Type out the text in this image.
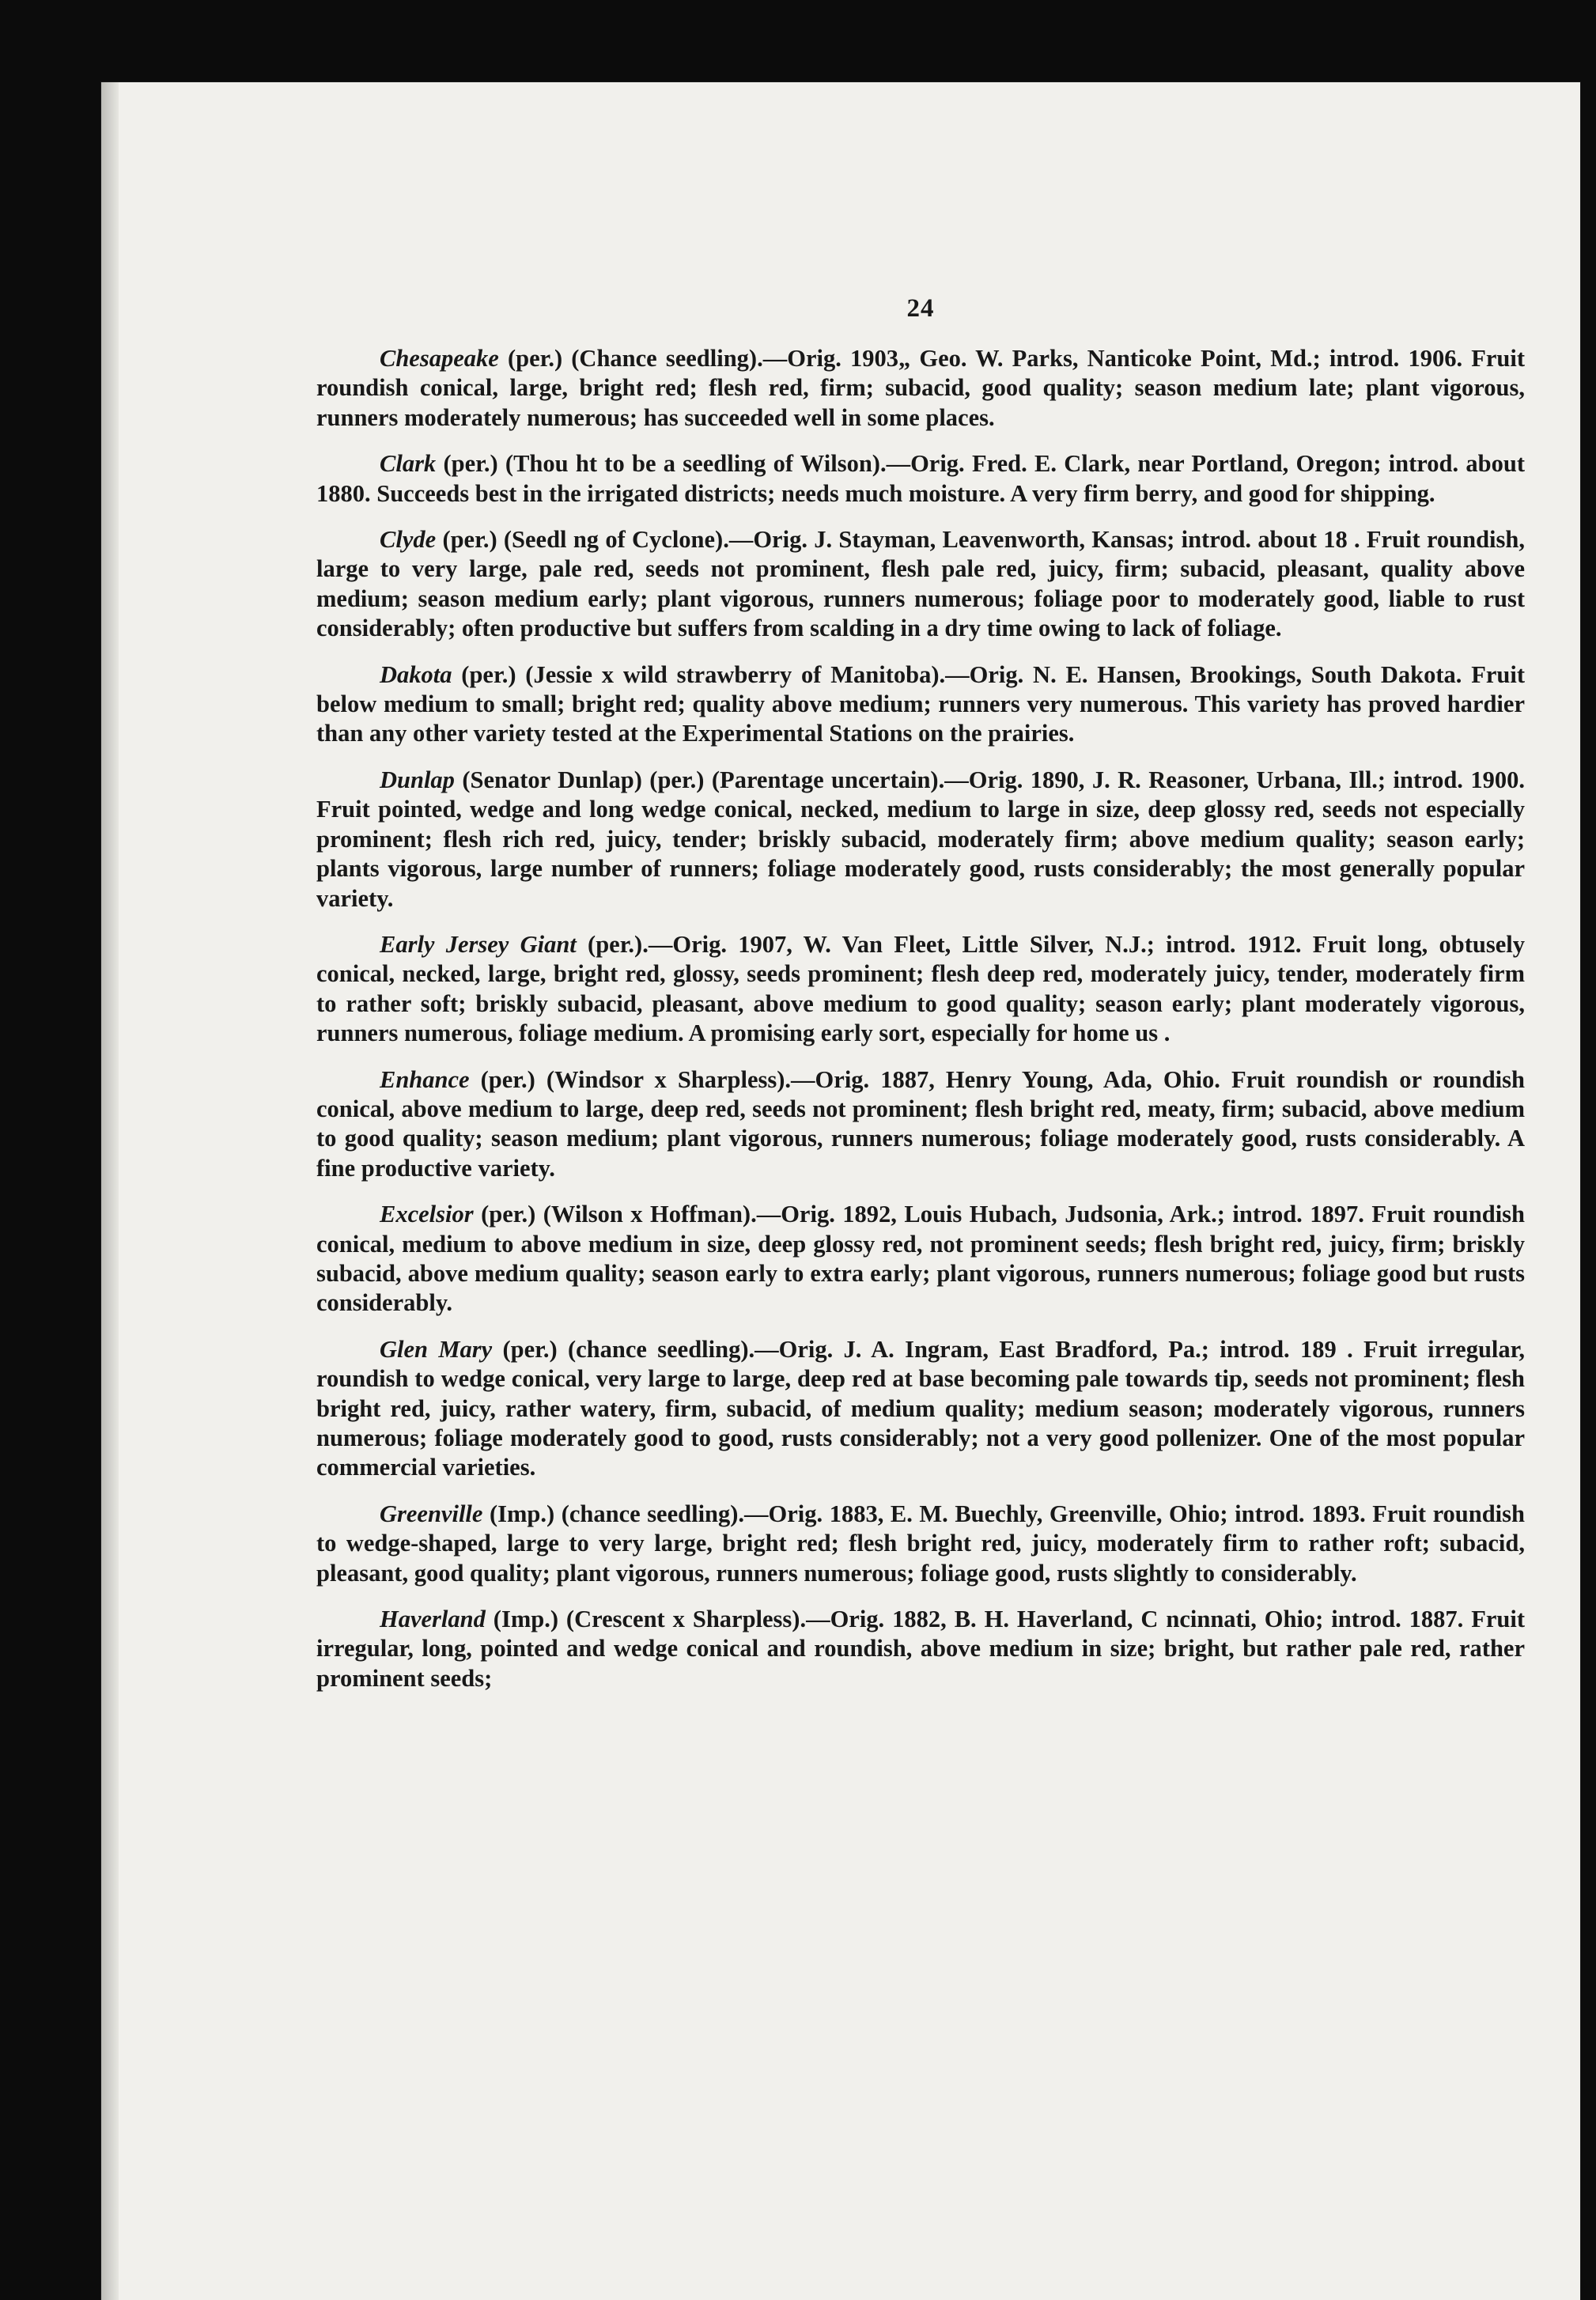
24

Chesapeake (per.) (Chance seedling).—Orig. 1903„ Geo. W. Parks, Nanticoke Point, Md.; introd. 1906. Fruit roundish conical, large, bright red; flesh red, firm; subacid, good quality; season medium late; plant vigorous, runners moderately numerous; has succeeded well in some places.

Clark (per.) (Thou ht to be a seedling of Wilson).—Orig. Fred. E. Clark, near Portland, Oregon; introd. about 1880. Succeeds best in the irrigated districts; needs much moisture. A very firm berry, and good for shipping.

Clyde (per.) (Seedl ng of Cyclone).—Orig. J. Stayman, Leavenworth, Kansas; introd. about 18 . Fruit roundish, large to very large, pale red, seeds not prominent, flesh pale red, juicy, firm; subacid, pleasant, quality above medium; season medium early; plant vigorous, runners numerous; foliage poor to moderately good, liable to rust considerably; often productive but suffers from scalding in a dry time owing to lack of foliage.

Dakota (per.) (Jessie x wild strawberry of Manitoba).—Orig. N. E. Hansen, Brookings, South Dakota. Fruit below medium to small; bright red; quality above medium; runners very numerous. This variety has proved hardier than any other variety tested at the Experimental Stations on the prairies.

Dunlap (Senator Dunlap) (per.) (Parentage uncertain).—Orig. 1890, J. R. Reasoner, Urbana, Ill.; introd. 1900. Fruit pointed, wedge and long wedge conical, necked, medium to large in size, deep glossy red, seeds not especially prominent; flesh rich red, juicy, tender; briskly subacid, moderately firm; above medium quality; season early; plants vigorous, large number of runners; foliage moderately good, rusts considerably; the most generally popular variety.

Early Jersey Giant (per.).—Orig. 1907, W. Van Fleet, Little Silver, N.J.; introd. 1912. Fruit long, obtusely conical, necked, large, bright red, glossy, seeds prominent; flesh deep red, moderately juicy, tender, moderately firm to rather soft; briskly subacid, pleasant, above medium to good quality; season early; plant moderately vigorous, runners numerous, foliage medium. A promising early sort, especially for home us .

Enhance (per.) (Windsor x Sharpless).—Orig. 1887, Henry Young, Ada, Ohio. Fruit roundish or roundish conical, above medium to large, deep red, seeds not prominent; flesh bright red, meaty, firm; subacid, above medium to good quality; season medium; plant vigorous, runners numerous; foliage moderately good, rusts considerably. A fine productive variety.

Excelsior (per.) (Wilson x Hoffman).—Orig. 1892, Louis Hubach, Judsonia, Ark.; introd. 1897. Fruit roundish conical, medium to above medium in size, deep glossy red, not prominent seeds; flesh bright red, juicy, firm; briskly subacid, above medium quality; season early to extra early; plant vigorous, runners numerous; foliage good but rusts considerably.

Glen Mary (per.) (chance seedling).—Orig. J. A. Ingram, East Bradford, Pa.; introd. 189 . Fruit irregular, roundish to wedge conical, very large to large, deep red at base becoming pale towards tip, seeds not prominent; flesh bright red, juicy, rather watery, firm, subacid, of medium quality; medium season; moderately vigorous, runners numerous; foliage moderately good to good, rusts considerably; not a very good pollenizer. One of the most popular commercial varieties.

Greenville (Imp.) (chance seedling).—Orig. 1883, E. M. Buechly, Greenville, Ohio; introd. 1893. Fruit roundish to wedge-shaped, large to very large, bright red; flesh bright red, juicy, moderately firm to rather roft; subacid, pleasant, good quality; plant vigorous, runners numerous; foliage good, rusts slightly to considerably.

Haverland (Imp.) (Crescent x Sharpless).—Orig. 1882, B. H. Haverland, C ncinnati, Ohio; introd. 1887. Fruit irregular, long, pointed and wedge conical and roundish, above medium in size; bright, but rather pale red, rather prominent seeds;
